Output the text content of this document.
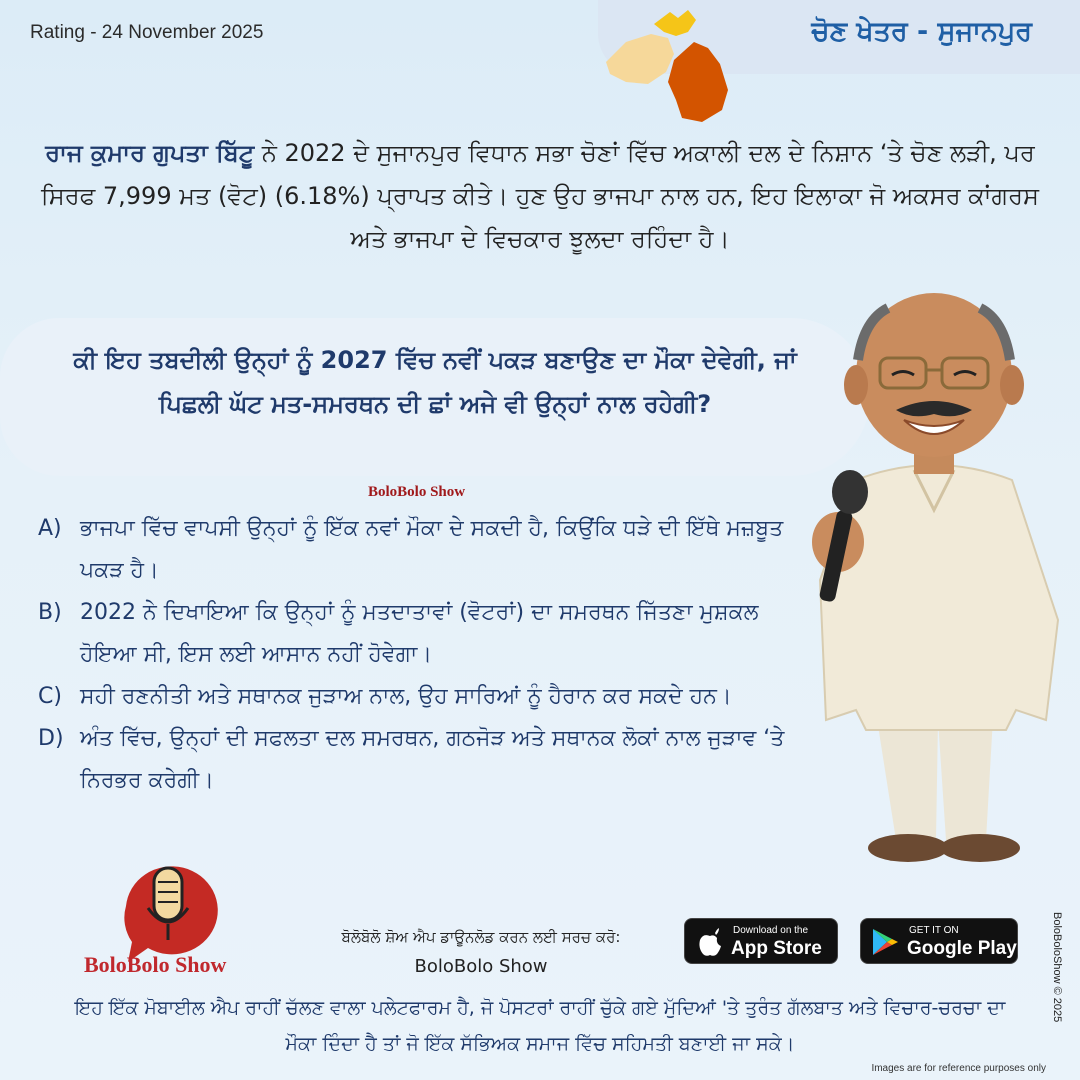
Rating - 24 November 2025	ਚੋਣ ਖੇਤਰ - ਸੁਜਾਨਪੁਰ
ਰਾਜ ਕੁਮਾਰ ਗੁਪਤਾ ਬਿੱਟੂ ਨੇ 2022 ਦੇ ਸੁਜਾਨਪੁਰ ਵਿਧਾਨ ਸਭਾ ਚੋਣਾਂ ਵਿੱਚ ਅਕਾਲੀ ਦਲ ਦੇ ਨਿਸ਼ਾਨ ‘ਤੇ ਚੋਣ ਲੜੀ, ਪਰ ਸਿਰਫ 7,999 ਮਤ (ਵੋਟ) (6.18%) ਪ੍ਰਾਪਤ ਕੀਤੇ। ਹੁਣ ਉਹ ਭਾਜਪਾ ਨਾਲ ਹਨ, ਇਹ ਇਲਾਕਾ ਜੋ ਅਕਸਰ ਕਾਂਗਰਸ ਅਤੇ ਭਾਜਪਾ ਦੇ ਵਿਚਕਾਰ ਝੂਲਦਾ ਰਹਿੰਦਾ ਹੈ।
ਕੀ ਇਹ ਤਬਦੀਲੀ ਉਨ੍ਹਾਂ ਨੂੰ 2027 ਵਿੱਚ ਨਵੀਂ ਪਕੜ ਬਣਾਉਣ ਦਾ ਮੌਕਾ ਦੇਵੇਗੀ, ਜਾਂ ਪਿਛਲੀ ਘੱਟ ਮਤ-ਸਮਰਥਨ ਦੀ ਛਾਂ ਅਜੇ ਵੀ ਉਨ੍ਹਾਂ ਨਾਲ ਰਹੇਗੀ?
BoloBolo Show
A) ਭਾਜਪਾ ਵਿੱਚ ਵਾਪਸੀ ਉਨ੍ਹਾਂ ਨੂੰ ਇੱਕ ਨਵਾਂ ਮੌਕਾ ਦੇ ਸਕਦੀ ਹੈ, ਕਿਉਂਕਿ ਧੜੇ ਦੀ ਇੱਥੇ ਮਜ਼ਬੂਤ ਪਕੜ ਹੈ।
B) 2022 ਨੇ ਦਿਖਾਇਆ ਕਿ ਉਨ੍ਹਾਂ ਨੂੰ ਮਤਦਾਤਾਵਾਂ (ਵੋਟਰਾਂ) ਦਾ ਸਮਰਥਨ ਜਿੱਤਣਾ ਮੁਸ਼ਕਲ ਹੋਇਆ ਸੀ, ਇਸ ਲਈ ਆਸਾਨ ਨਹੀਂ ਹੋਵੇਗਾ।
C) ਸਹੀ ਰਣਨੀਤੀ ਅਤੇ ਸਥਾਨਕ ਜੁੜਾਅ ਨਾਲ, ਉਹ ਸਾਰਿਆਂ ਨੂੰ ਹੈਰਾਨ ਕਰ ਸਕਦੇ ਹਨ।
D) ਅੰਤ ਵਿੱਚ, ਉਨ੍ਹਾਂ ਦੀ ਸਫਲਤਾ ਦਲ ਸਮਰਥਨ, ਗਠਜੋੜ ਅਤੇ ਸਥਾਨਕ ਲੋਕਾਂ ਨਾਲ ਜੁੜਾਵ ‘ਤੇ ਨਿਰਭਰ ਕਰੇਗੀ।
BoloBolo Show
ਬੋਲੋਬੋਲੋ ਸ਼ੋਅ ਐਪ ਡਾਊਨਲੋਡ ਕਰਨ ਲਈ ਸਰਚ ਕਰੋ:
BoloBolo Show
Download on the
App Store
GET IT ON
Google Play
ਇਹ ਇੱਕ ਮੋਬਾਈਲ ਐਪ ਰਾਹੀਂ ਚੱਲਣ ਵਾਲਾ ਪਲੇਟਫਾਰਮ ਹੈ, ਜੋ ਪੋਸਟਰਾਂ ਰਾਹੀਂ ਚੁੱਕੇ ਗਏ ਮੁੱਦਿਆਂ 'ਤੇ ਤੁਰੰਤ ਗੱਲਬਾਤ ਅਤੇ ਵਿਚਾਰ-ਚਰਚਾ ਦਾ ਮੌਕਾ ਦਿੰਦਾ ਹੈ ਤਾਂ ਜੋ ਇੱਕ ਸੱਭਿਅਕ ਸਮਾਜ ਵਿੱਚ ਸਹਿਮਤੀ ਬਣਾਈ ਜਾ ਸਕੇ।
BoloBoloShow © 2025
Images are for reference purposes only
